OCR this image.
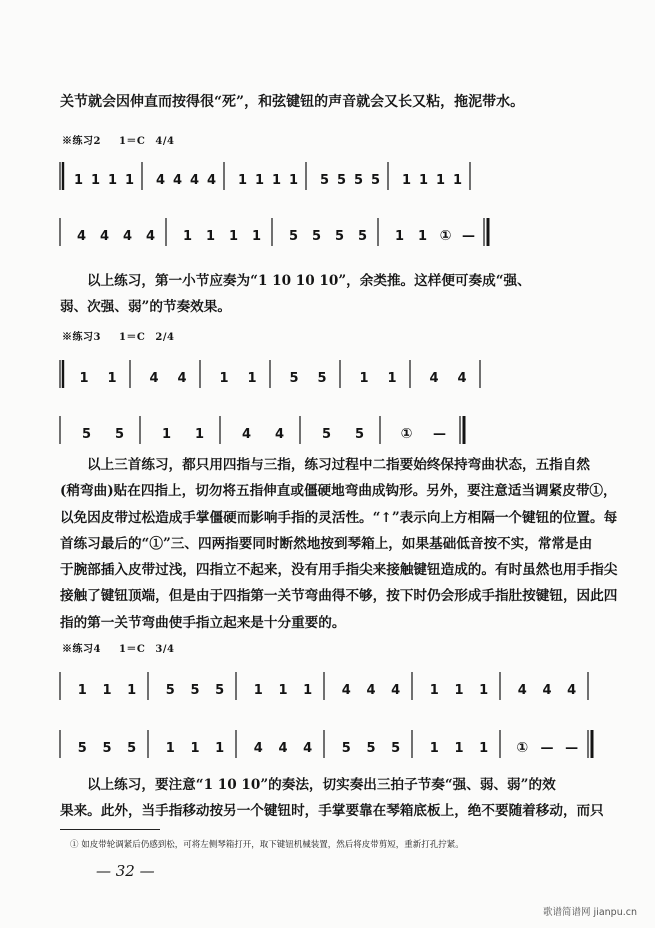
关节就会因伸直而按得很“死”，和弦键钮的声音就会又长又粘，拖泥带水。
※练习2 1＝C 4/4
1 1 1 1 4 4 4 4 1 1 1 1 5 5 5 5 1 1 1 1
4 4 4 4 1 1 1 1 5 5 5 5 1 1 ① —
以上练习，第一小节应奏为“1 10 10 10”，余类推。这样便可奏成“强、
弱、次强、弱”的节奏效果。
※练习3 1＝C 2/4
1 1	4 4	1 1	5 5	1 1	4 4
5 5	1 1	4 4	5 5	① —
以上三首练习，都只用四指与三指，练习过程中二指要始终保持弯曲状态，五指自然
(稍弯曲)贴在四指上，切勿将五指伸直或僵硬地弯曲成钩形。另外，要注意适当调紧皮带①，
以免因皮带过松造成手掌僵硬而影响手指的灵活性。“↑”表示向上方相隔一个键钮的位置。每
首练习最后的“①”三、四两指要同时断然地按到琴箱上，如果基础低音按不实，常常是由
于腕部插入皮带过浅，四指立不起来，没有用手指尖来接触键钮造成的。有时虽然也用手指尖
接触了键钮顶端，但是由于四指第一关节弯曲得不够，按下时仍会形成手指肚按键钮，因此四
指的第一关节弯曲使手指立起来是十分重要的。
※练习4 1＝C 3/4
1 1 1 5 5 5 1 1 1 4 4 4 1 1 1 4 4 4
5 5 5 1 1 1 4 4 4 5 5 5 1 1 1 ① — —
以上练习，要注意“1 10 10”的奏法，切实奏出三拍子节奏“强、弱、弱”的效
果来。此外，当手指移动按另一个键钮时，手掌要靠在琴箱底板上，绝不要随着移动，而只
① 如皮带轮调紧后仍感到松，可将左侧琴箱打开，取下键钮机械装置，然后将皮带剪短，重新打孔拧紧。
— 32 —
歌谱简谱网 jianpu.cn
